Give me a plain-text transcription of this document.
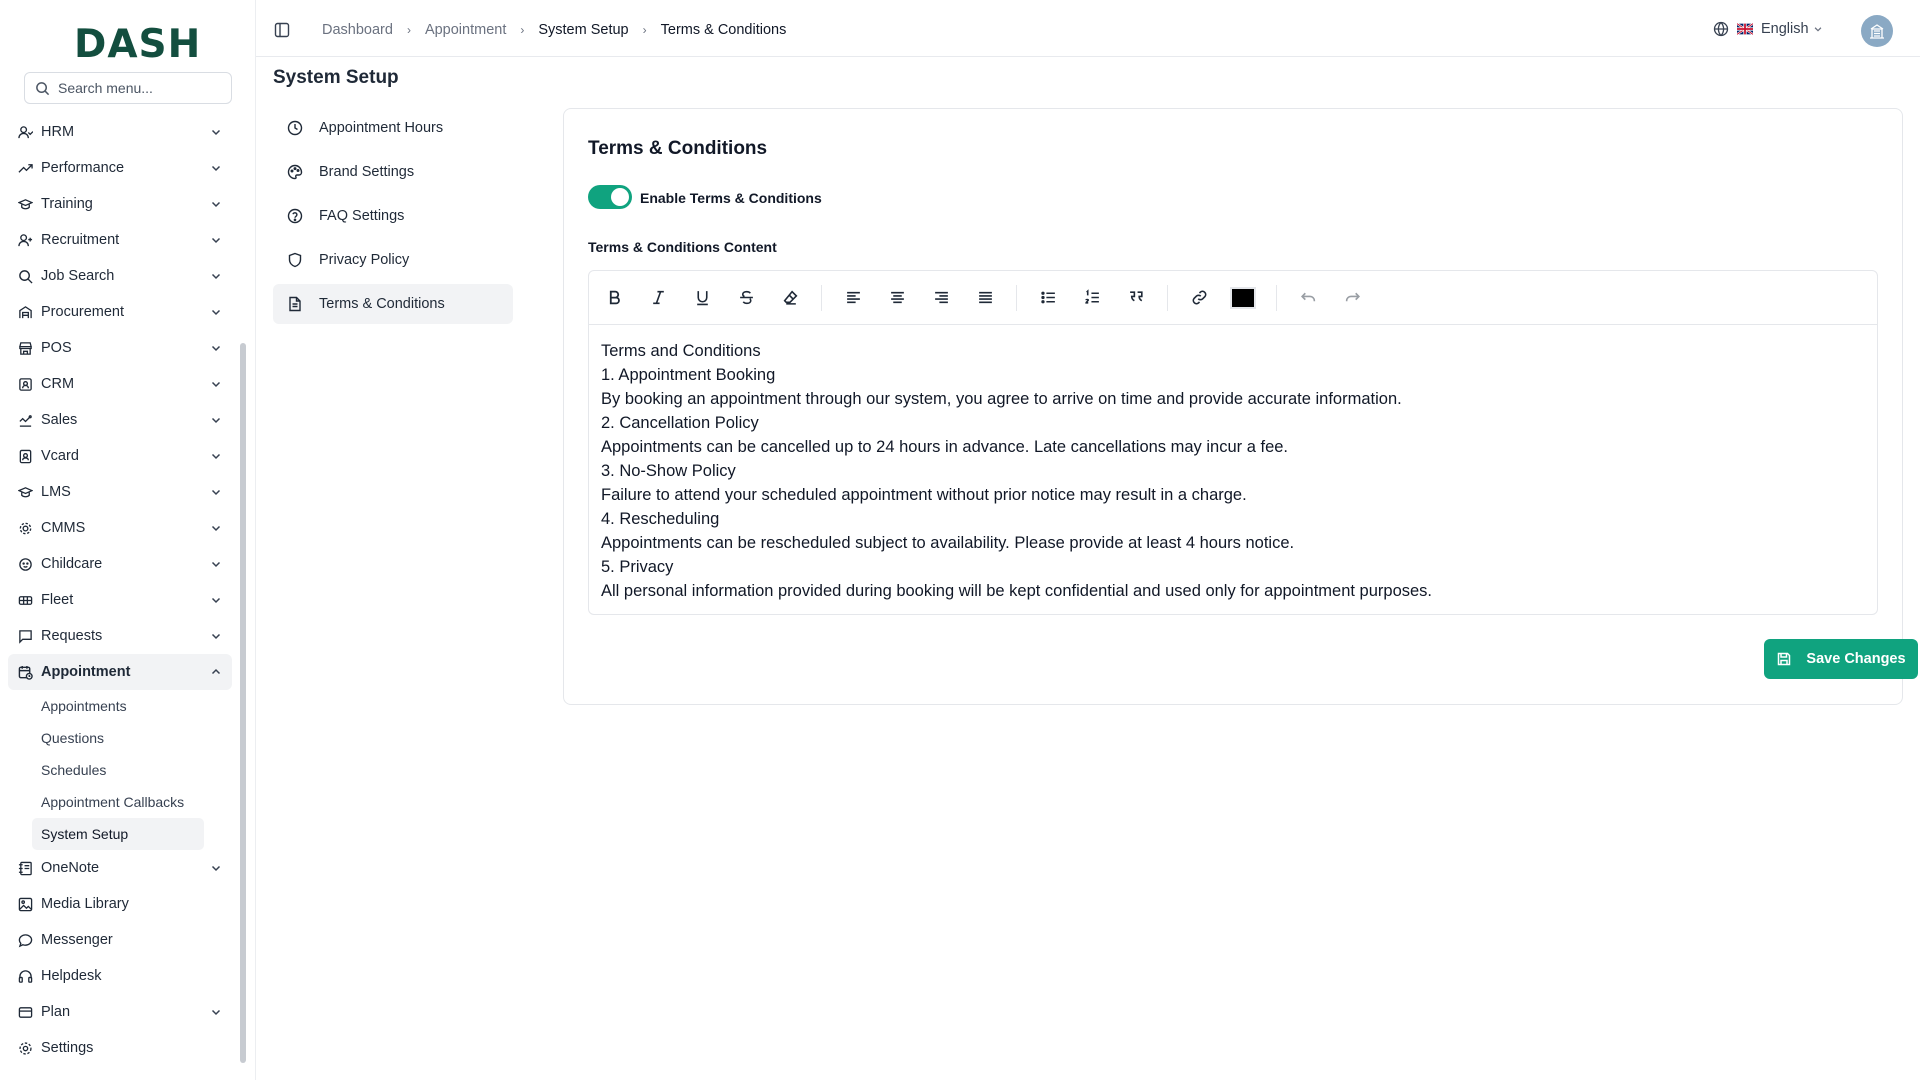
DASH
Search menu...
HRM
Performance
Training
Recruitment
Job Search
Procurement
POS
CRM
Sales
Vcard
LMS
CMMS
Childcare
Fleet
Requests
Appointment
Appointments
Questions
Schedules
Appointment Callbacks
System Setup
OneNote
Media Library
Messenger
Helpdesk
Plan
Settings
Dashboard › Appointment › System Setup › Terms & Conditions	English
System Setup
Appointment Hours
Brand Settings
FAQ Settings
Privacy Policy
Terms & Conditions
Terms & Conditions
Enable Terms & Conditions
Terms & Conditions Content
Terms and Conditions
1. Appointment Booking
By booking an appointment through our system, you agree to arrive on time and provide accurate information.
2. Cancellation Policy
Appointments can be cancelled up to 24 hours in advance. Late cancellations may incur a fee.
3. No-Show Policy
Failure to attend your scheduled appointment without prior notice may result in a charge.
4. Rescheduling
Appointments can be rescheduled subject to availability. Please provide at least 4 hours notice.
5. Privacy
All personal information provided during booking will be kept confidential and used only for appointment purposes.
Save Changes
